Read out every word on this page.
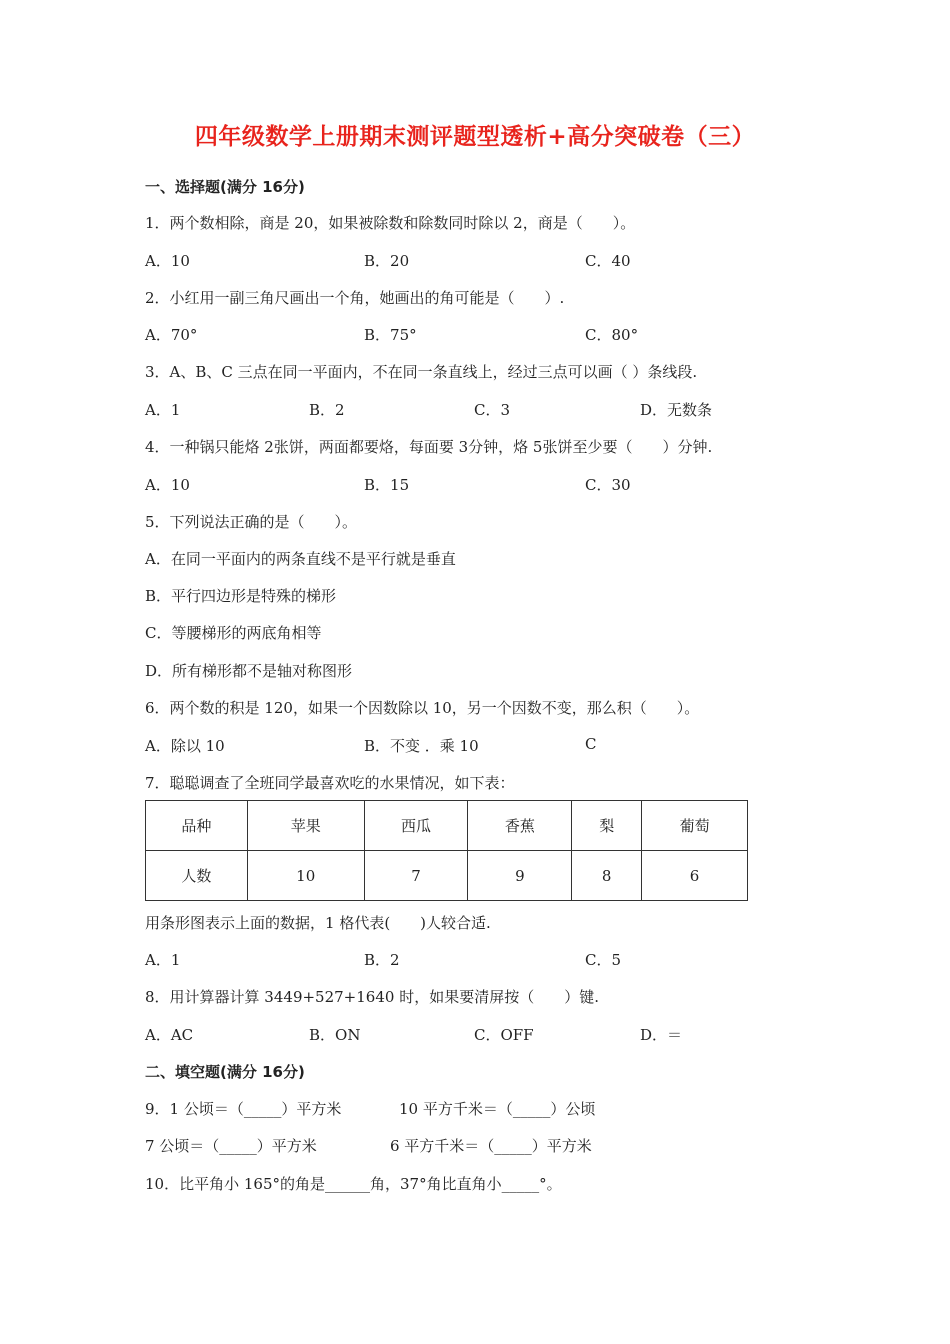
四年级数学上册期末测评题型透析+高分突破卷（三）
一、选择题(满分 16分)
1．两个数相除，商是 20，如果被除数和除数同时除以 2，商是（　　）。
A．10	B．20	C．40
2．小红用一副三角尺画出一个角，她画出的角可能是（　　）.
A．70°	B．75°	C．80°
3．A、B、C 三点在同一平面内，不在同一条直线上，经过三点可以画（ ）条线段.
A．1	B．2	C．3	D．无数条
4．一种锅只能烙 2张饼，两面都要烙，每面要 3分钟，烙 5张饼至少要（　　）分钟.
A．10	B．15	C．30
5．下列说法正确的是（　　）。
A．在同一平面内的两条直线不是平行就是垂直
B．平行四边形是特殊的梯形
C．等腰梯形的两底角相等
D．所有梯形都不是轴对称图形
6．两个数的积是 120，如果一个因数除以 10，另一个因数不变，那么积（　　）。
A．除以 10	B．不变 ．乘 10	C
7．聪聪调查了全班同学最喜欢吃的水果情况，如下表：
品种	苹果	西瓜	香蕉	梨	葡萄
人数	10	7	9	8	6
用条形图表示上面的数据，1 格代表(　　)人较合适.
A．1	B．2	C．5
8．用计算器计算 3449+527+1640 时，如果要清屏按（　　）键.
A．AC	B．ON	C．OFF	D．＝
二、填空题(满分 16分)
9．1 公顷＝（_____）平方米	10 平方千米＝（_____）公顷
7 公顷＝（_____）平方米	6 平方千米＝（_____）平方米
10．比平角小 165°的角是______角，37°角比直角小_____°。
